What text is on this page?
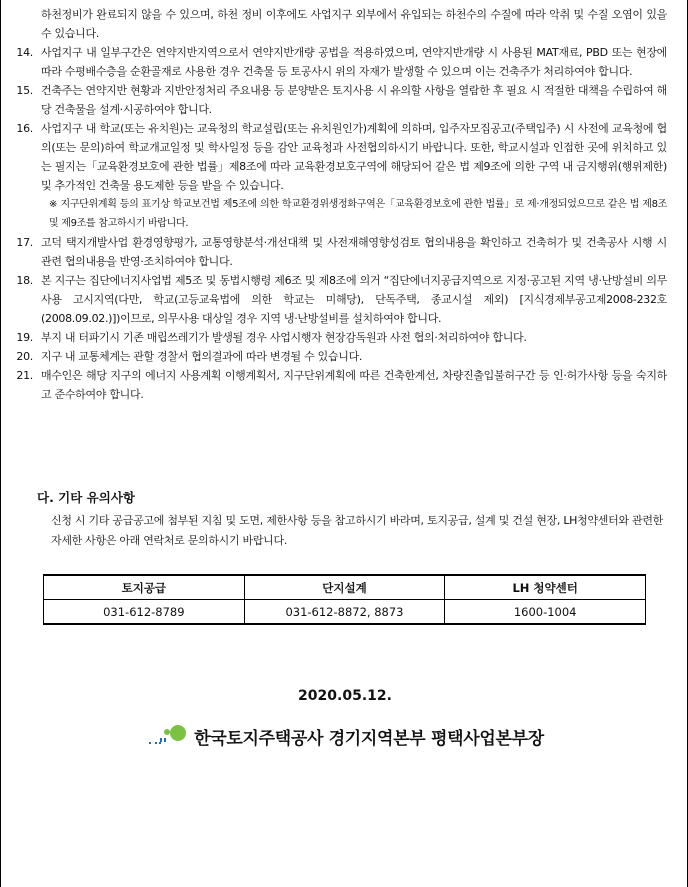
하천정비가 완료되지 않을 수 있으며, 하천 정비 이후에도 사업지구 외부에서 유입되는 하천수의 수질에 따라 악취 및 수질 오염이 있을 수 있습니다.
14. 사업지구 내 일부구간은 연약지반지역으로서 연약지반개량 공법을 적용하였으며, 연약지반개량 시 사용된 MAT재료, PBD 또는 현장에 따라 수평배수층을 순환골재로 사용한 경우 건축물 등 토공사시 위의 자재가 발생할 수 있으며 이는 건축주가 처리하여야 합니다.
15. 건축주는 연약지반 현황과 지반안정처리 주요내용 등 분양받은 토지사용 시 유의할 사항을 열람한 후 필요 시 적절한 대책을 수립하여 해당 건축물을 설계·시공하여야 합니다.
16. 사업지구 내 학교(또는 유치원)는 교육청의 학교설립(또는 유치원인가)계획에 의하며, 입주자모집공고(주택입주) 시 사전에 교육청에 협의(또는 문의)하여 학교개교일정 및 학사일정 등을 감안 교육청과 사전협의하시기 바랍니다. 또한, 학교시설과 인접한 곳에 위치하고 있는 필지는「교육환경보호에 관한 법률」제8조에 따라 교육환경보호구역에 해당되어 같은 법 제9조에 의한 구역 내 금지행위(행위제한) 및 추가적인 건축물 용도제한 등을 받을 수 있습니다.
※ 지구단위계획 등의 표기상 학교보건법 제5조에 의한 학교환경위생정화구역은「교육환경보호에 관한 법률」로 제·개정되었으므로 같은 법 제8조 및 제9조를 참고하시기 바랍니다.
17. 고덕 택지개발사업 환경영향평가, 교통영향분석·개선대책 및 사전재해영향성검토 협의내용을 확인하고 건축허가 및 건축공사 시행 시 관련 협의내용을 반영·조치하여야 합니다.
18. 본 지구는 집단에너지사업법 제5조 및 동법시행령 제6조 및 제8조에 의거 “집단에너지공급지역으로 지정·공고된 지역 냉·난방설비 의무사용 고시지역(다만, 학교(고등교육법에 의한 학교는 미해당), 단독주택, 종교시설 제외) [지식경제부공고제2008-232호(2008.09.02.)])이므로, 의무사용 대상일 경우 지역 냉·난방설비를 설치하여야 합니다.
19. 부지 내 터파기시 기존 매립쓰레기가 발생될 경우 사업시행자 현장감독원과 사전 협의·처리하여야 합니다.
20. 지구 내 교통체계는 관할 경찰서 협의결과에 따라 변경될 수 있습니다.
21. 매수인은 해당 지구의 에너지 사용계획 이행계획서, 지구단위계획에 따른 건축한계선, 차량진출입불허구간 등 인·허가사항 등을 숙지하고 준수하여야 합니다.
다. 기타 유의사항

신청 시 기타 공급공고에 첨부된 지침 및 도면, 제한사항 등을 참고하시기 바라며, 토지공급, 설계 및 건설 현장, LH청약센터와 관련한 자세한 사항은 아래 연락처로 문의하시기 바랍니다.

토지공급	단지설계	LH 청약센터
031-612-8789	031-612-8872, 8873	1600-1004
2020.05.12.
한국토지주택공사 경기지역본부 평택사업본부장
